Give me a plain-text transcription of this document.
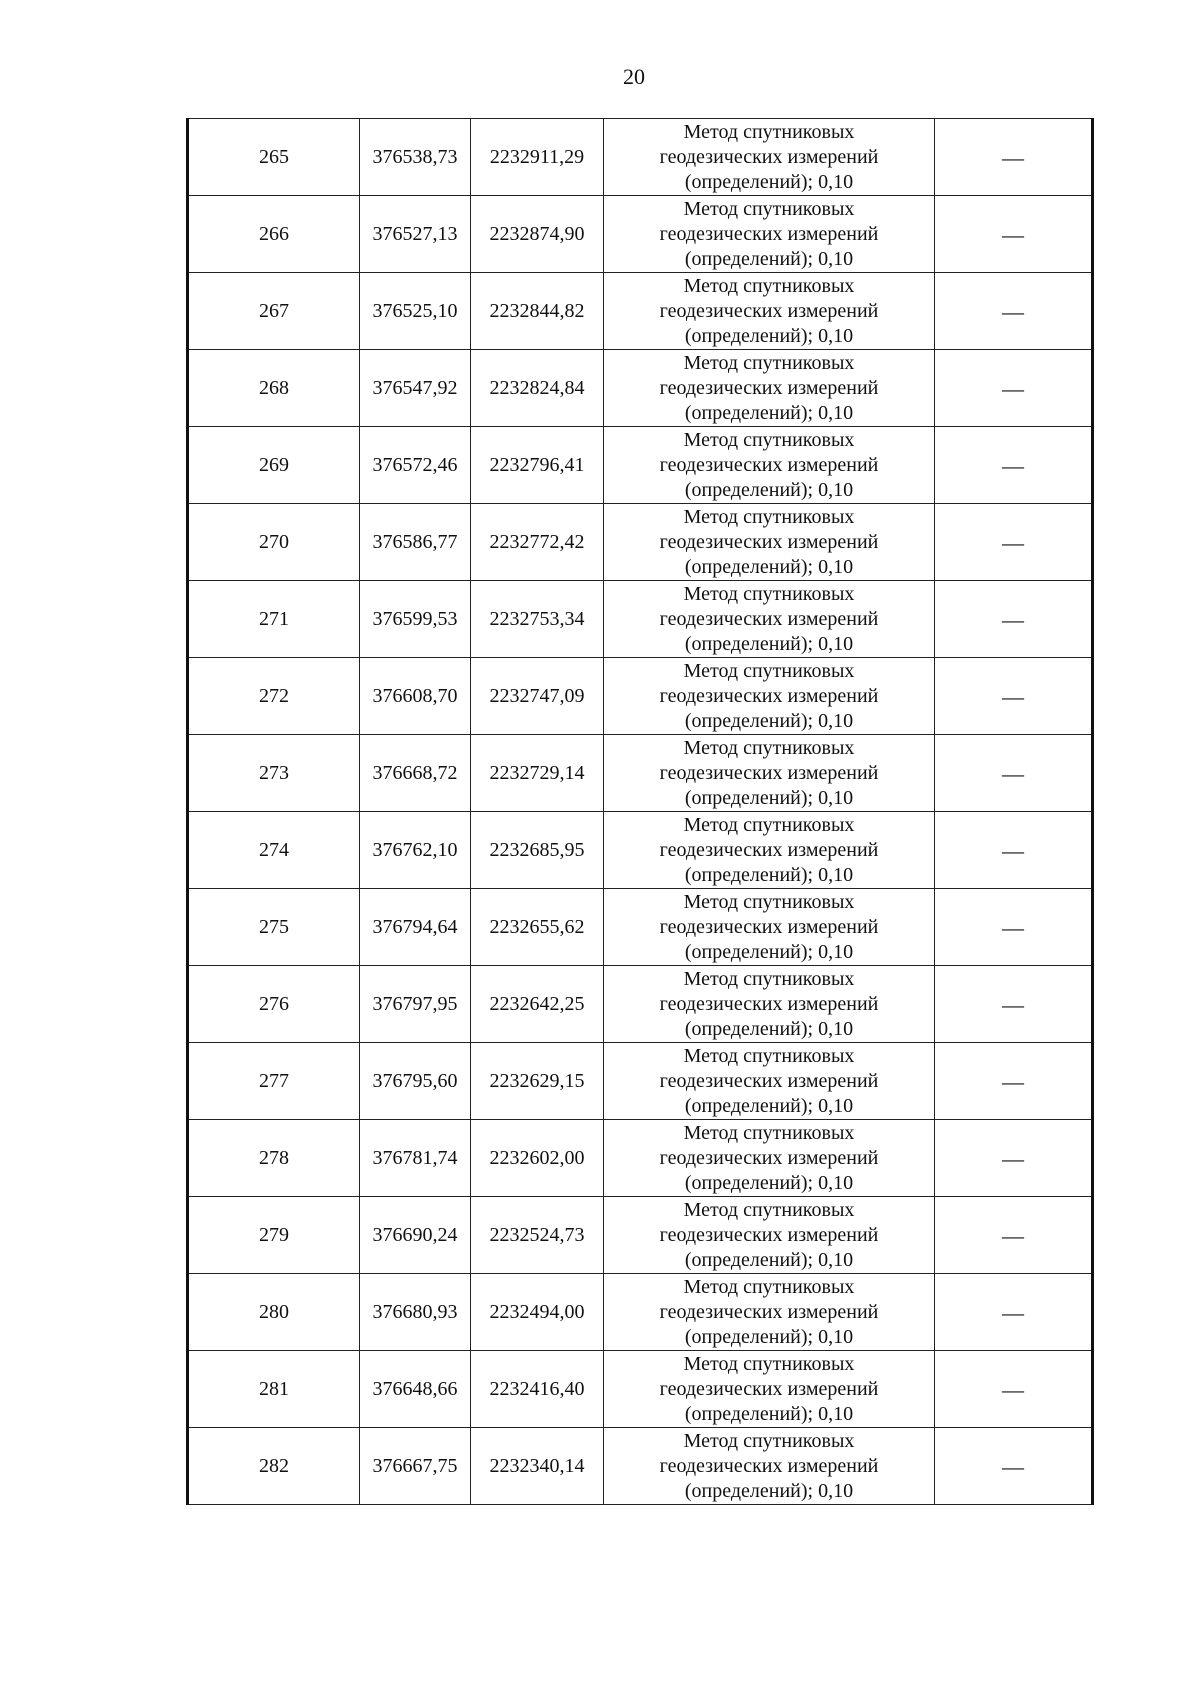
20
265	376538,73	2232911,29	Метод спутниковых
геодезических измерений
(определений); 0,10	—
266	376527,13	2232874,90	Метод спутниковых
геодезических измерений
(определений); 0,10	—
267	376525,10	2232844,82	Метод спутниковых
геодезических измерений
(определений); 0,10	—
268	376547,92	2232824,84	Метод спутниковых
геодезических измерений
(определений); 0,10	—
269	376572,46	2232796,41	Метод спутниковых
геодезических измерений
(определений); 0,10	—
270	376586,77	2232772,42	Метод спутниковых
геодезических измерений
(определений); 0,10	—
271	376599,53	2232753,34	Метод спутниковых
геодезических измерений
(определений); 0,10	—
272	376608,70	2232747,09	Метод спутниковых
геодезических измерений
(определений); 0,10	—
273	376668,72	2232729,14	Метод спутниковых
геодезических измерений
(определений); 0,10	—
274	376762,10	2232685,95	Метод спутниковых
геодезических измерений
(определений); 0,10	—
275	376794,64	2232655,62	Метод спутниковых
геодезических измерений
(определений); 0,10	—
276	376797,95	2232642,25	Метод спутниковых
геодезических измерений
(определений); 0,10	—
277	376795,60	2232629,15	Метод спутниковых
геодезических измерений
(определений); 0,10	—
278	376781,74	2232602,00	Метод спутниковых
геодезических измерений
(определений); 0,10	—
279	376690,24	2232524,73	Метод спутниковых
геодезических измерений
(определений); 0,10	—
280	376680,93	2232494,00	Метод спутниковых
геодезических измерений
(определений); 0,10	—
281	376648,66	2232416,40	Метод спутниковых
геодезических измерений
(определений); 0,10	—
282	376667,75	2232340,14	Метод спутниковых
геодезических измерений
(определений); 0,10	—
